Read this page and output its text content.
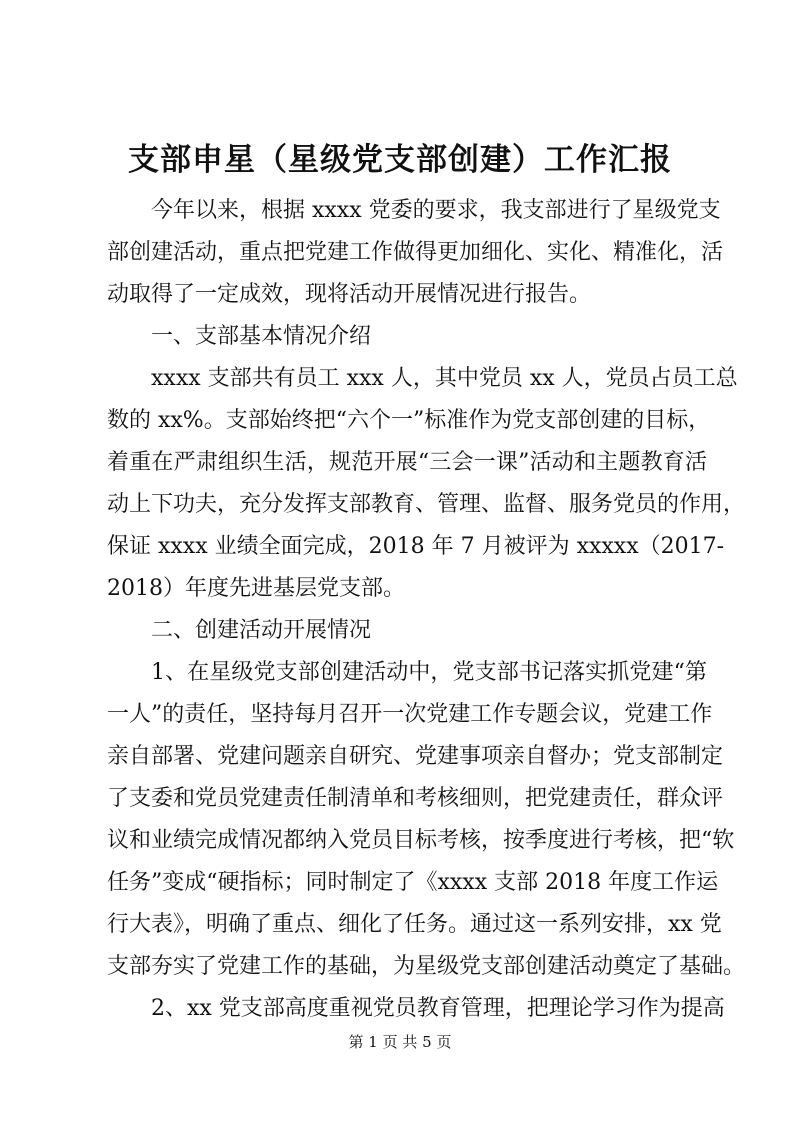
支部申星（星级党支部创建）工作汇报
今年以来，根据 xxxx 党委的要求，我支部进行了星级党支
部创建活动，重点把党建工作做得更加细化、实化、精准化，活
动取得了一定成效，现将活动开展情况进行报告。
一、支部基本情况介绍
xxxx 支部共有员工 xxx 人，其中党员 xx 人，党员占员工总
数的 xx%。支部始终把“六个一”标准作为党支部创建的目标，
着重在严肃组织生活，规范开展“三会一课”活动和主题教育活
动上下功夫，充分发挥支部教育、管理、监督、服务党员的作用，
保证 xxxx 业绩全面完成，2018 年 7 月被评为 xxxxx（2017-
2018）年度先进基层党支部。
二、创建活动开展情况
1、在星级党支部创建活动中，党支部书记落实抓党建“第
一人”的责任，坚持每月召开一次党建工作专题会议，党建工作
亲自部署、党建问题亲自研究、党建事项亲自督办；党支部制定
了支委和党员党建责任制清单和考核细则，把党建责任，群众评
议和业绩完成情况都纳入党员目标考核，按季度进行考核，把“软
任务”变成“硬指标；同时制定了《xxxx 支部 2018 年度工作运
行大表》，明确了重点、细化了任务。通过这一系列安排，xx 党
支部夯实了党建工作的基础，为星级党支部创建活动奠定了基础。
2、xx 党支部高度重视党员教育管理，把理论学习作为提高
第 1 页 共 5 页
